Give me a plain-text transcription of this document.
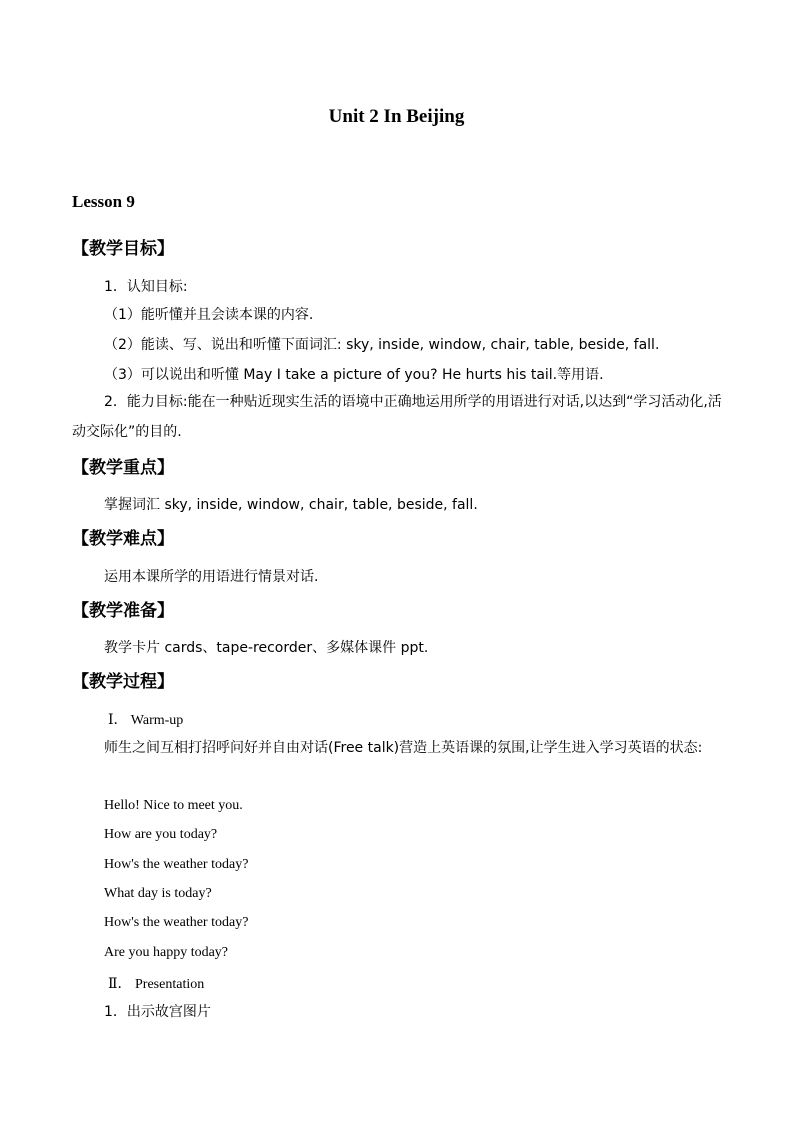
Unit 2 In Beijing
Lesson 9
【教学目标】
1．认知目标:
（1）能听懂并且会读本课的内容.
（2）能读、写、说出和听懂下面词汇: sky, inside, window, chair, table, beside, fall.
（3）可以说出和听懂 May I take a picture of you? He hurts his tail.等用语.
2．能力目标:能在一种贴近现实生活的语境中正确地运用所学的用语进行对话,以达到“学习活动化,活动交际化”的目的.
【教学重点】
掌握词汇 sky, inside, window, chair, table, beside, fall.
【教学难点】
运用本课所学的用语进行情景对话.
【教学准备】
教学卡片 cards、tape-recorder、多媒体课件 ppt.
【教学过程】
Ⅰ． Warm-up
师生之间互相打招呼问好并自由对话(Free talk)营造上英语课的氛围,让学生进入学习英语的状态:
Hello! Nice to meet you.
How are you today?
How's the weather today?
What day is today?
How's the weather today?
Are you happy today?
Ⅱ． Presentation
1．出示故宫图片
